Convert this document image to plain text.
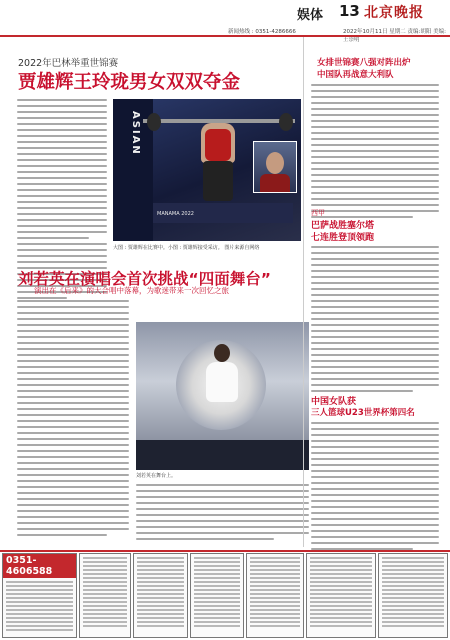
娱体 13 北京晚报
新闻热线 : 0351-4286666	2022年10月11日 星期二 责编:胡阳 美编:王崇明
2022年巴林举重世锦赛
贾雄辉王玲珑男女双双夺金
ASIAN
MANAMA 2022
大图 : 贾雄辉在比赛中。小图 : 贾雄辉接受采访。 图片来源自网络
刘若英在演唱会首次挑战“四面舞台”
演出在《后来》的大合唱中落幕，为歌迷带来一次回忆之旅
刘若英在舞台上。
女排世锦赛八强对阵出炉
中国队再战意大利队
西甲
巴萨战胜塞尔塔
七连胜登顶领跑
中国女队获
三人篮球U23世界杯第四名
0351-4606588
